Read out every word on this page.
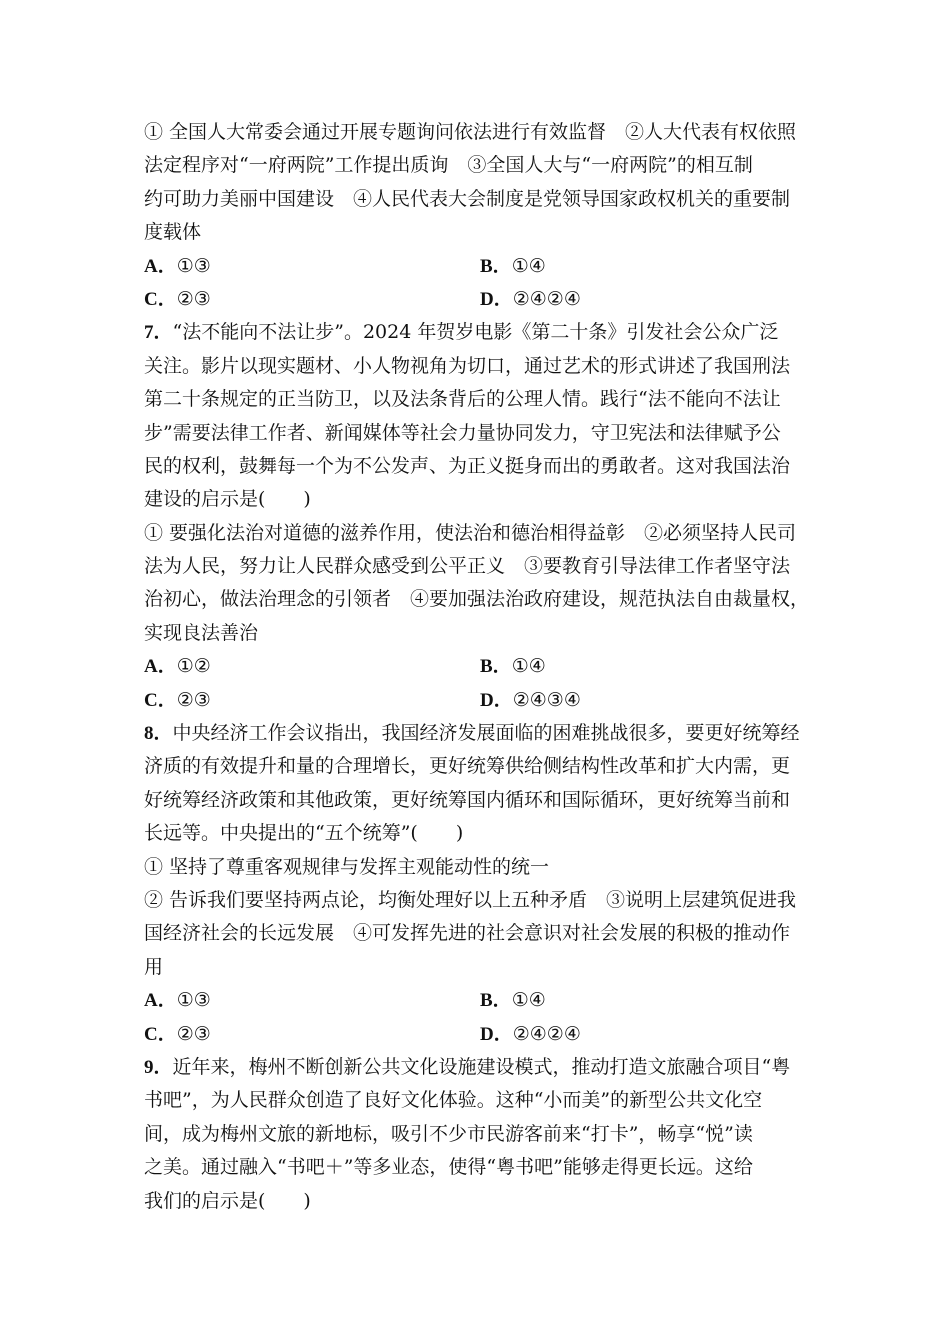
① 全国人大常委会通过开展专题询问依法进行有效监督　②人大代表有权依照
法定程序对“一府两院”工作提出质询　③全国人大与“一府两院”的相互制
约可助力美丽中国建设　④人民代表大会制度是党领导国家政权机关的重要制
度载体
A．①③	B．①④
C．②③	D．②④②④
7．“法不能向不法让步”。2024 年贺岁电影《第二十条》引发社会公众广泛
关注。影片以现实题材、小人物视角为切口，通过艺术的形式讲述了我国刑法
第二十条规定的正当防卫，以及法条背后的公理人情。践行“法不能向不法让
步”需要法律工作者、新闻媒体等社会力量协同发力，守卫宪法和法律赋予公
民的权利，鼓舞每一个为不公发声、为正义挺身而出的勇敢者。这对我国法治
建设的启示是(　　)
① 要强化法治对道德的滋养作用，使法治和德治相得益彰　②必须坚持人民司
法为人民，努力让人民群众感受到公平正义　③要教育引导法律工作者坚守法
治初心，做法治理念的引领者　④要加强法治政府建设，规范执法自由裁量权，
实现良法善治
A．①②	B．①④
C．②③	D．②④③④
8．中央经济工作会议指出，我国经济发展面临的困难挑战很多，要更好统筹经
济质的有效提升和量的合理增长，更好统筹供给侧结构性改革和扩大内需，更
好统筹经济政策和其他政策，更好统筹国内循环和国际循环，更好统筹当前和
长远等。中央提出的“五个统筹”(　　)
① 坚持了尊重客观规律与发挥主观能动性的统一
② 告诉我们要坚持两点论，均衡处理好以上五种矛盾　③说明上层建筑促进我
国经济社会的长远发展　④可发挥先进的社会意识对社会发展的积极的推动作
用
A．①③	B．①④
C．②③	D．②④②④
9．近年来，梅州不断创新公共文化设施建设模式，推动打造文旅融合项目“粤
书吧”，为人民群众创造了良好文化体验。这种“小而美”的新型公共文化空
间，成为梅州文旅的新地标，吸引不少市民游客前来“打卡”，畅享“悦”读
之美。通过融入“书吧＋”等多业态，使得“粤书吧”能够走得更长远。这给
我们的启示是(　　)
